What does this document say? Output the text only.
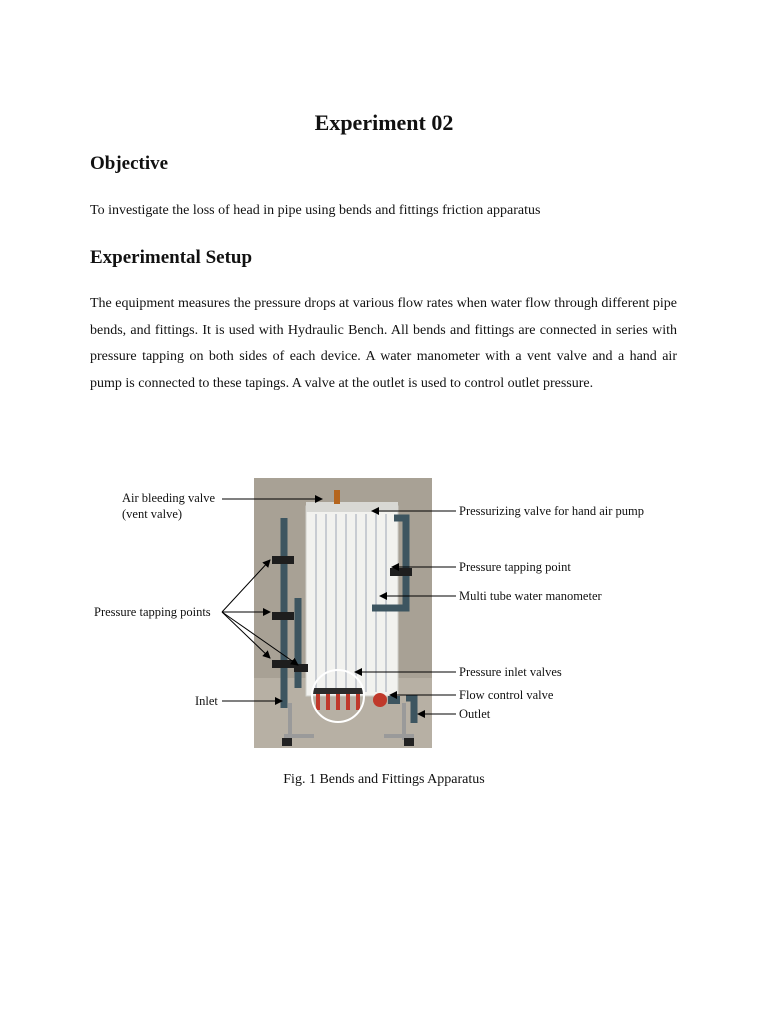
Experiment 02
Objective
To investigate the loss of head in pipe using bends and fittings friction apparatus
Experimental Setup
The equipment measures the pressure drops at various flow rates when water flow through different pipe bends, and fittings. It is used with Hydraulic Bench. All bends and fittings are connected in series with pressure tapping on both sides of each device. A water manometer with a vent valve and a hand air pump is connected to these tapings. A valve at the outlet is used to control outlet pressure.
Air bleeding valve
(vent valve)
Pressure tapping points
Inlet
Pressurizing valve for hand air pump
Pressure tapping point
Multi tube water manometer
Pressure inlet valves
Flow control valve
Outlet
Fig. 1 Bends and Fittings Apparatus
